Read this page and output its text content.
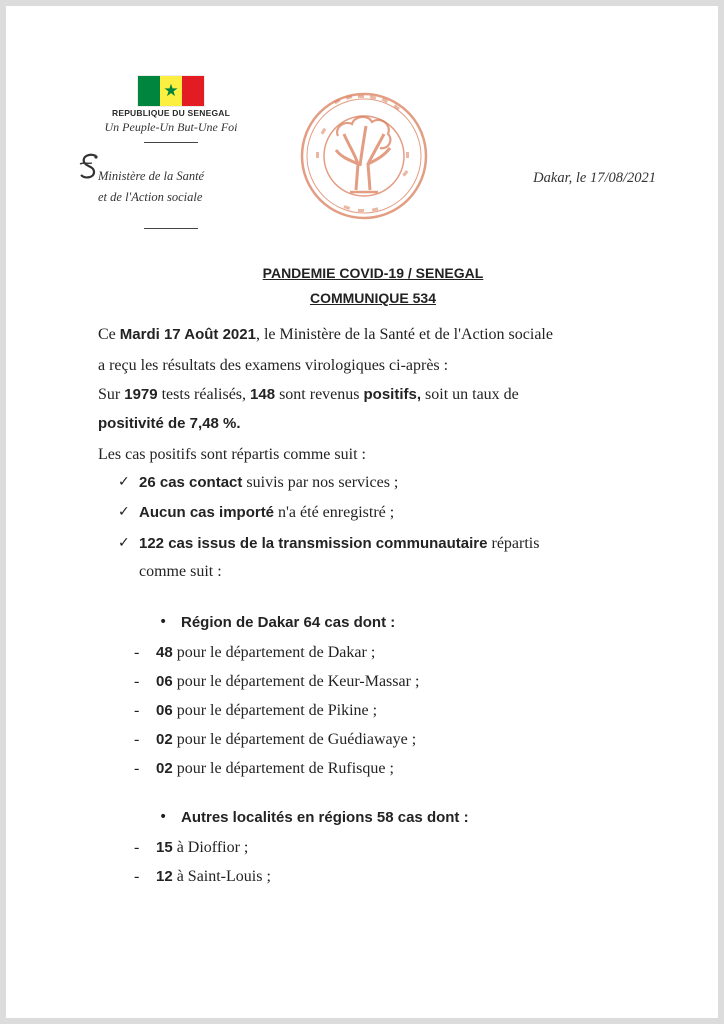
★
REPUBLIQUE DU SENEGAL
Un Peuple-Un But-Une Foi
Ministère de la Santé
et de l'Action sociale
Dakar, le 17/08/2021
PANDEMIE COVID-19 / SENEGAL
COMMUNIQUE 534
Ce Mardi 17 Août 2021, le Ministère de la Santé et de l'Action sociale
a reçu les résultats des examens virologiques ci-après :
Sur 1979 tests réalisés, 148 sont revenus positifs, soit un taux de
positivité de 7,48 %.
Les cas positifs sont répartis comme suit :
✓ 26 cas contact suivis par nos services ;
✓ Aucun cas importé n'a été enregistré ;
✓ 122 cas issus de la transmission communautaire répartis
comme suit :
• Région de Dakar 64 cas dont :
-	48 pour le département de Dakar ;
-	06 pour le département de Keur-Massar ;
-	06 pour le département de Pikine ;
-	02 pour le département de Guédiawaye ;
-	02 pour le département de Rufisque ;
• Autres localités en régions 58 cas dont :
-	15 à Dioffior ;
-	12 à Saint-Louis ;
